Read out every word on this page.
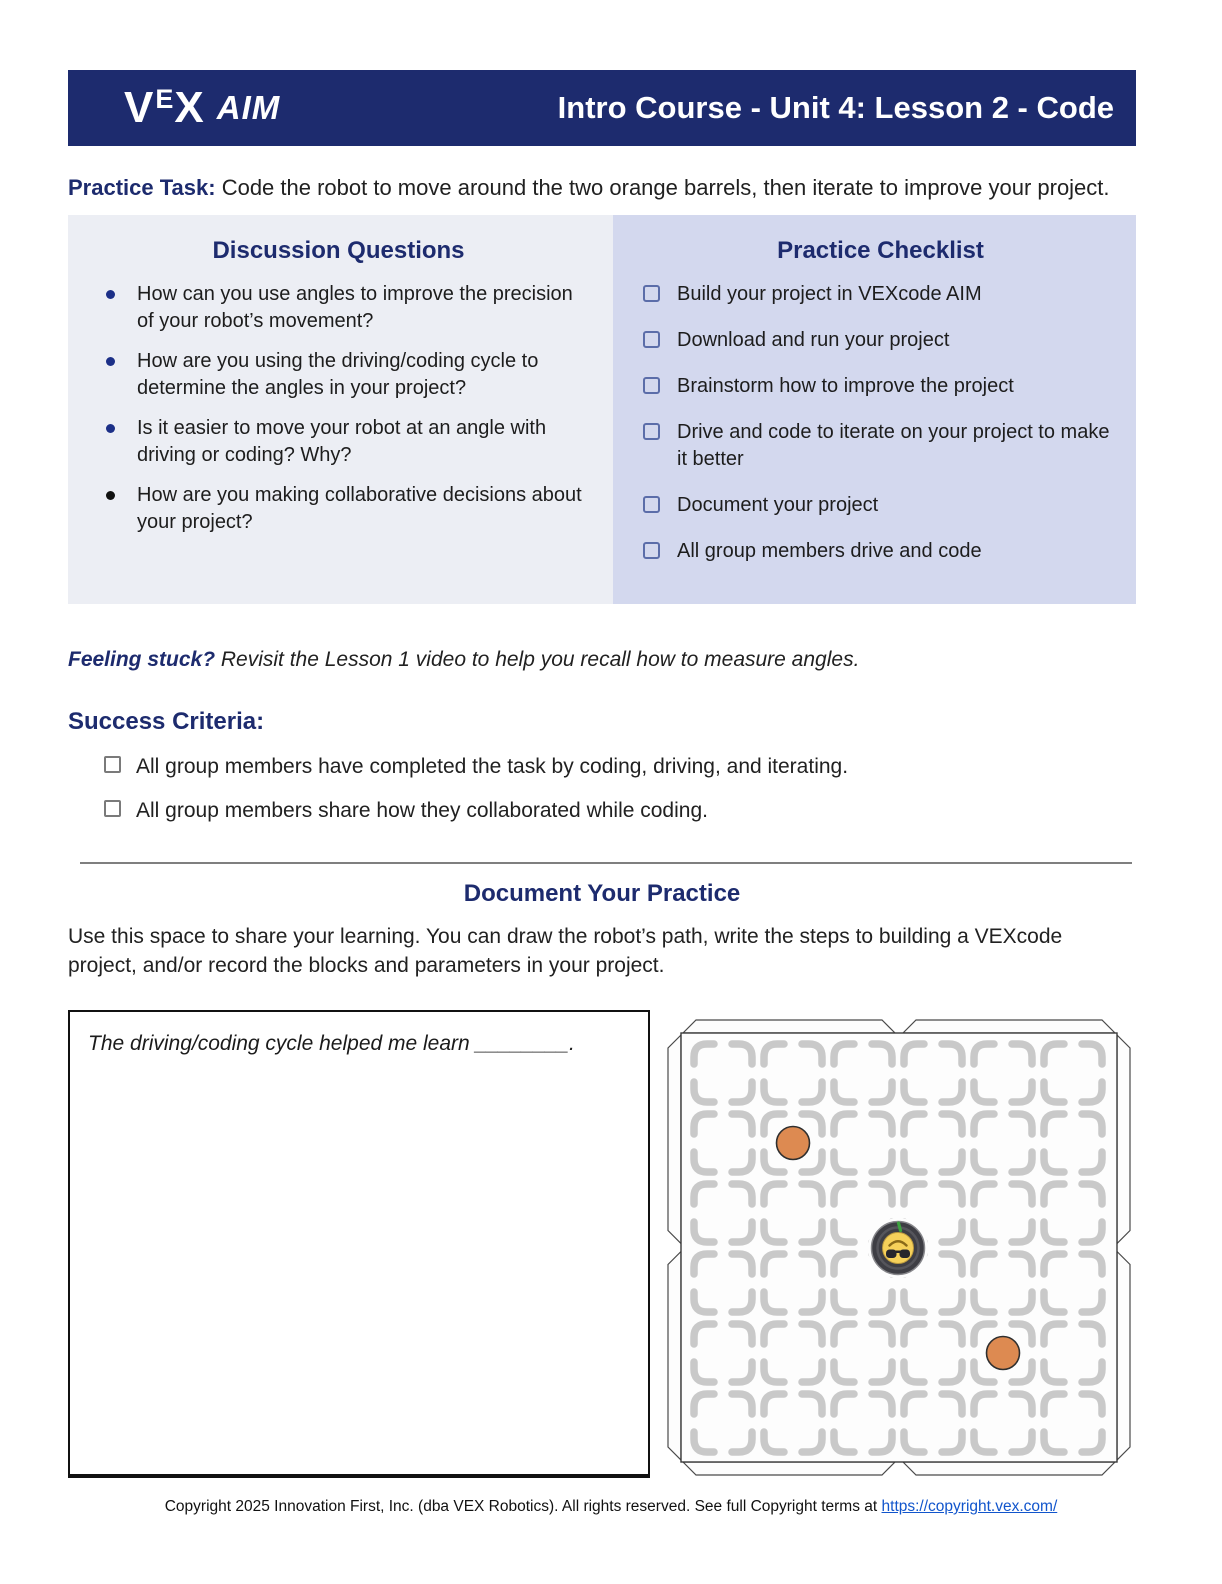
V E X AIM	Intro Course - Unit 4: Lesson 2 - Code

Practice Task: Code the robot to move around the two orange barrels, then iterate to improve your project.

Discussion Questions
How can you use angles to improve the precision of your robot’s movement?
How are you using the driving/coding cycle to determine the angles in your project?
Is it easier to move your robot at an angle with driving or coding? Why?
How are you making collaborative decisions about your project?
Practice Checklist
Build your project in VEXcode AIM
Download and run your project
Brainstorm how to improve the project
Drive and code to iterate on your project to make it better
Document your project
All group members drive and code

Feeling stuck? Revisit the Lesson 1 video to help you recall how to measure angles.

Success Criteria:
All group members have completed the task by coding, driving, and iterating.
All group members share how they collaborated while coding.
Document Your Practice

Use this space to share your learning. You can draw the robot’s path, write the steps to building a VEXcode project, and/or record the blocks and parameters in your project.

The driving/coding cycle helped me learn ________.
Copyright 2025 Innovation First, Inc. (dba VEX Robotics). All rights reserved. See full Copyright terms at https://copyright.vex.com/
